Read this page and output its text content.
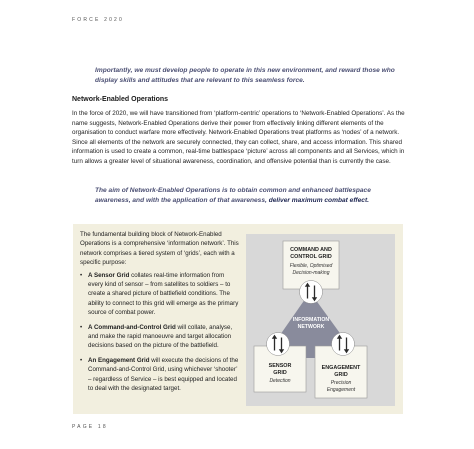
FORCE 2020
Importantly, we must develop people to operate in this new environment, and reward those who display skills and attitudes that are relevant to this seamless force.
Network-Enabled Operations
In the force of 2020, we will have transitioned from ‘platform-centric’ operations to ‘Network-Enabled Operations’. As the name suggests, Network-Enabled Operations derive their power from effectively linking different elements of the organisation to conduct warfare more effectively. Network-Enabled Operations treat platforms as ‘nodes’ of a network. Since all elements of the network are securely connected, they can collect, share, and access information. This shared information is used to create a common, real-time battlespace ‘picture’ across all components and all Services, which in turn allows a greater level of situational awareness, coordination, and offensive potential than is currently the case.
The aim of Network-Enabled Operations is to obtain common and enhanced battlespace awareness, and with the application of that awareness, deliver maximum combat effect.

The fundamental building block of Network-Enabled Operations is a comprehensive ‘information network’. This network comprises a tiered system of ‘grids’, each with a specific purpose:

• A Sensor Grid collates real-time information from every kind of sensor – from satellites to soldiers – to create a shared picture of battlefield conditions. The ability to connect to this grid will emerge as the primary source of combat power.
• A Command-and-Control Grid will collate, analyse, and make the rapid manoeuvre and target allocation decisions based on the picture of the battlefield.
• An Engagement Grid will execute the decisions of the Command-and-Control Grid, using whichever ‘shooter’ – regardless of Service – is best equipped and located to deal with the designated target.
COMMAND AND
CONTROL GRID
Flexible, Optimised
Decision-making
INFORMATION
NETWORK
SENSOR
GRID
Detection
ENGAGEMENT
GRID
Precision
Engagement
PAGE 18
